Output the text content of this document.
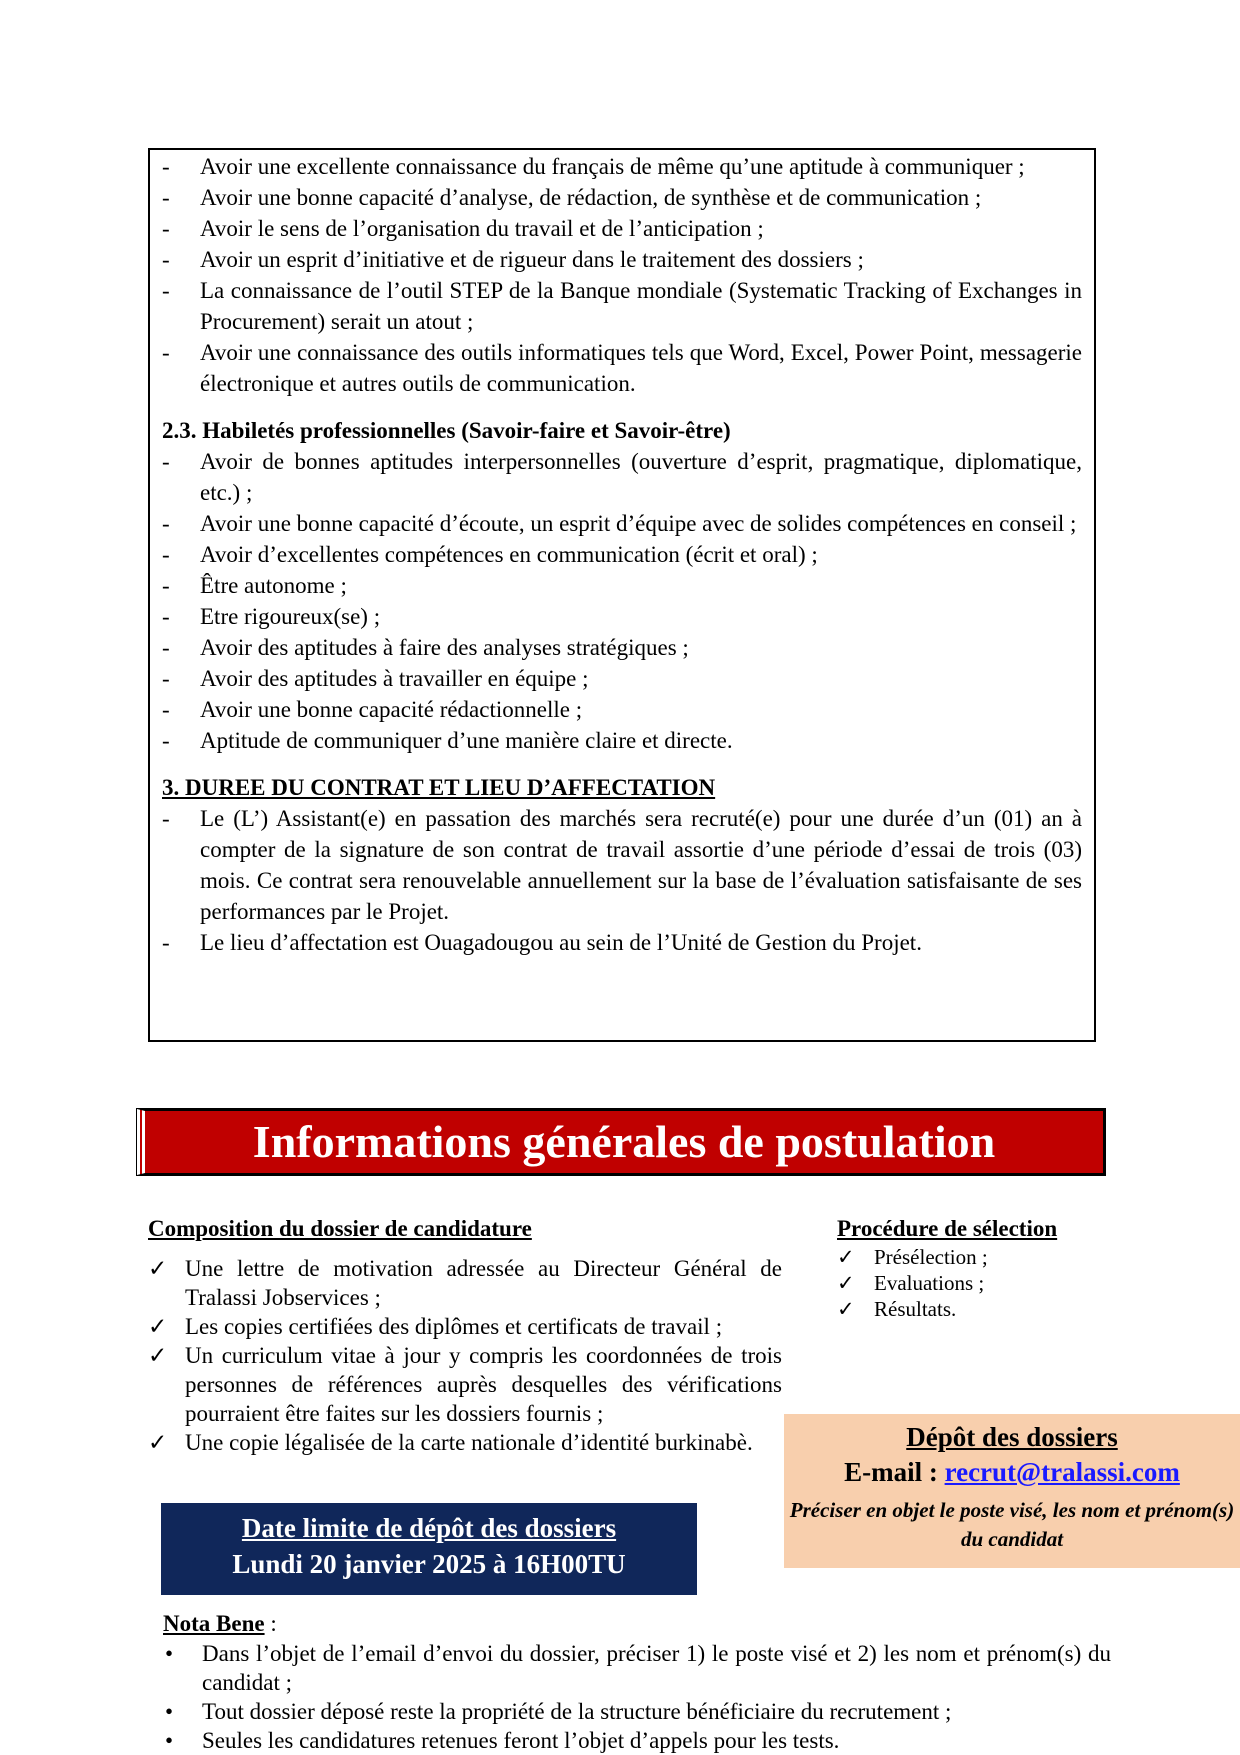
- Avoir une excellente connaissance du français de même qu’une aptitude à communiquer ;
- Avoir une bonne capacité d’analyse, de rédaction, de synthèse et de communication ;
- Avoir le sens de l’organisation du travail et de l’anticipation ;
- Avoir un esprit d’initiative et de rigueur dans le traitement des dossiers ;
- La connaissance de l’outil STEP de la Banque mondiale (Systematic Tracking of Exchanges in Procurement) serait un atout ;
- Avoir une connaissance des outils informatiques tels que Word, Excel, Power Point, messagerie électronique et autres outils de communication.
2.3. Habiletés professionnelles (Savoir-faire et Savoir-être)
- Avoir de bonnes aptitudes interpersonnelles (ouverture d’esprit, pragmatique, diplomatique, etc.) ;
- Avoir une bonne capacité d’écoute, un esprit d’équipe avec de solides compétences en conseil ;
- Avoir d’excellentes compétences en communication (écrit et oral) ;
- Être autonome ;
- Etre rigoureux(se) ;
- Avoir des aptitudes à faire des analyses stratégiques ;
- Avoir des aptitudes à travailler en équipe ;
- Avoir une bonne capacité rédactionnelle ;
- Aptitude de communiquer d’une manière claire et directe.
3. DUREE DU CONTRAT ET LIEU D’AFFECTATION
- Le (L’) Assistant(e) en passation des marchés sera recruté(e) pour une durée d’un (01) an à compter de la signature de son contrat de travail assortie d’une période d’essai de trois (03) mois. Ce contrat sera renouvelable annuellement sur la base de l’évaluation satisfaisante de ses performances par le Projet.
- Le lieu d’affectation est Ouagadougou au sein de l’Unité de Gestion du Projet.
Informations générales de postulation
Composition du dossier de candidature
✓ Une lettre de motivation adressée au Directeur Général de Tralassi Jobservices ;
✓ Les copies certifiées des diplômes et certificats de travail ;
✓ Un curriculum vitae à jour y compris les coordonnées de trois personnes de références auprès desquelles des vérifications pourraient être faites sur les dossiers fournis ;
✓ Une copie légalisée de la carte nationale d’identité burkinabè.
Procédure de sélection
✓ Présélection ;
✓ Evaluations ;
✓ Résultats.
Dépôt des dossiers
E-mail : recrut@tralassi.com
Préciser en objet le poste visé, les nom et prénom(s) du candidat
Date limite de dépôt des dossiers
Lundi 20 janvier 2025 à 16H00TU
Nota Bene :
• Dans l’objet de l’email d’envoi du dossier, préciser 1) le poste visé et 2) les nom et prénom(s) du candidat ;
• Tout dossier déposé reste la propriété de la structure bénéficiaire du recrutement ;
• Seules les candidatures retenues feront l’objet d’appels pour les tests.
